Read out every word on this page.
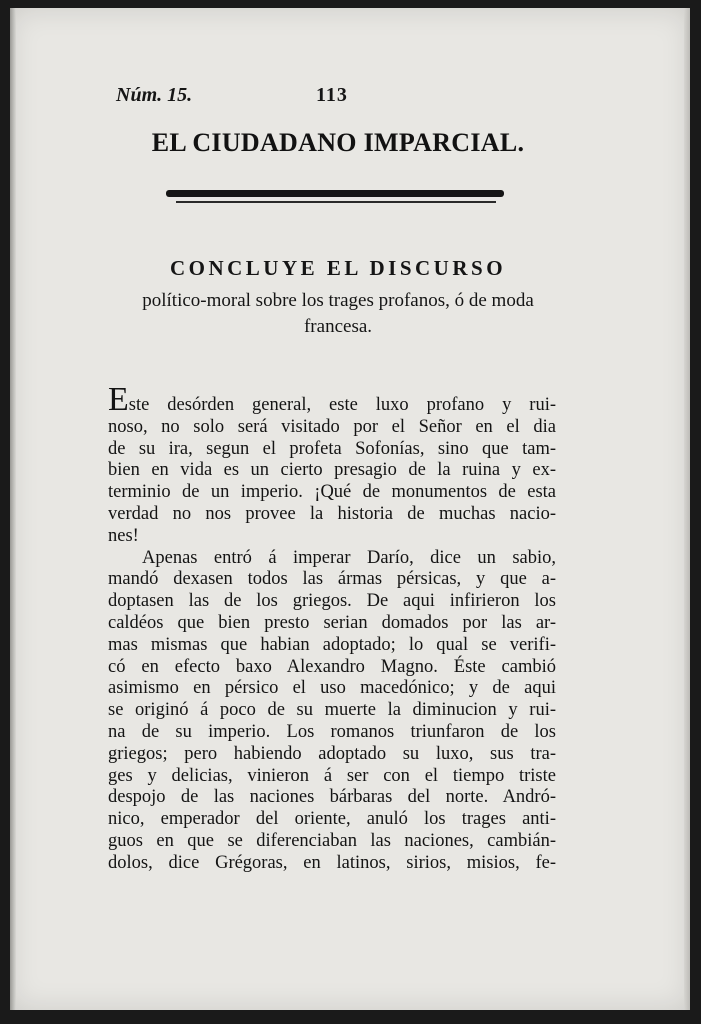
Núm. 15.	113
EL CIUDADANO IMPARCIAL.
CONCLUYE EL DISCURSO
político-moral sobre los trages profanos, ó de moda
francesa.
Este desórden general, este luxo profano y rui-
noso, no solo será visitado por el Señor en el dia
de su ira, segun el profeta Sofonías, sino que tam-
bien en vida es un cierto presagio de la ruina y ex-
terminio de un imperio. ¡Qué de monumentos de esta
verdad no nos provee la historia de muchas nacio-
nes!
Apenas entró á imperar Darío, dice un sabio,
mandó dexasen todos las ármas pérsicas, y que a-
doptasen las de los griegos. De aqui infirieron los
caldéos que bien presto serian domados por las ar-
mas mismas que habian adoptado; lo qual se verifi-
có en efecto baxo Alexandro Magno. Éste cambió
asimismo en pérsico el uso macedónico; y de aqui
se originó á poco de su muerte la diminucion y rui-
na de su imperio. Los romanos triunfaron de los
griegos; pero habiendo adoptado su luxo, sus tra-
ges y delicias, vinieron á ser con el tiempo triste
despojo de las naciones bárbaras del norte. Andró-
nico, emperador del oriente, anuló los trages anti-
guos en que se diferenciaban las naciones, cambián-
dolos, dice Grégoras, en latinos, sirios, misios, fe-
